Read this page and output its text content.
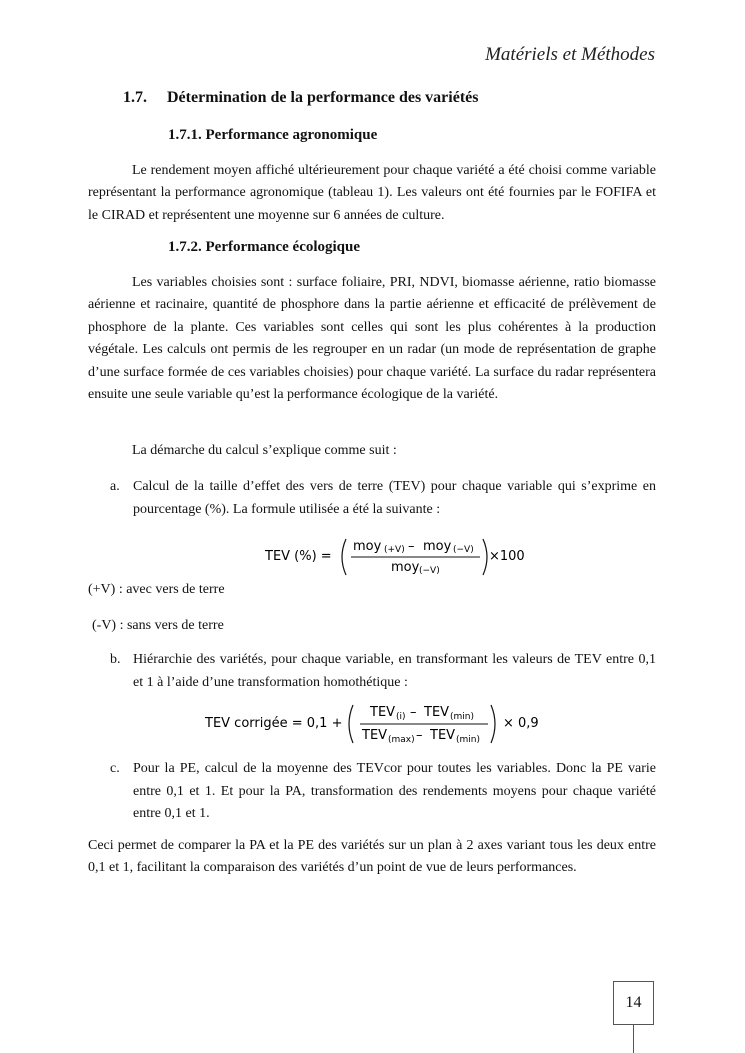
Matériels et Méthodes
1.7. Détermination de la performance des variétés
1.7.1. Performance agronomique

Le rendement moyen affiché ultérieurement pour chaque variété a été choisi comme variable représentant la performance agronomique (tableau 1). Les valeurs ont été fournies par le FOFIFA et le CIRAD et représentent une moyenne sur 6 années de culture.

1.7.2. Performance écologique

Les variables choisies sont : surface foliaire, PRI, NDVI, biomasse aérienne, ratio biomasse aérienne et racinaire, quantité de phosphore dans la partie aérienne et efficacité de prélèvement de phosphore de la plante. Ces variables sont celles qui sont les plus cohérentes à la production végétale. Les calculs ont permis de les regrouper en un radar (un mode de représentation de graphe d’une surface formée de ces variables choisies) pour chaque variété. La surface du radar représentera ensuite une seule variable qu’est la performance écologique de la variété.

La démarche du calcul s’explique comme suit :

a. Calcul de la taille d’effet des vers de terre (TEV) pour chaque variable qui s’exprime en pourcentage (%). La formule utilisée a été la suivante :
TEV (%) =
moy (+V) – moy (−V)
moy (−V)
×100

(+V) : avec vers de terre

(-V) : sans vers de terre

b. Hiérarchie des variétés, pour chaque variable, en transformant les valeurs de TEV entre 0,1 et 1 à l’aide d’une transformation homothétique :
TEV corrigée = 0,1 +
TEV (i) – TEV (min)
TEV (max) – TEV (min)
× 0,9
c. Pour la PE, calcul de la moyenne des TEVcor pour toutes les variables. Donc la PE varie entre 0,1 et 1. Et pour la PA, transformation des rendements moyens pour chaque variété entre 0,1 et 1.

Ceci permet de comparer la PA et la PE des variétés sur un plan à 2 axes variant tous les deux entre 0,1 et 1, facilitant la comparaison des variétés d’un point de vue de leurs performances.

14
